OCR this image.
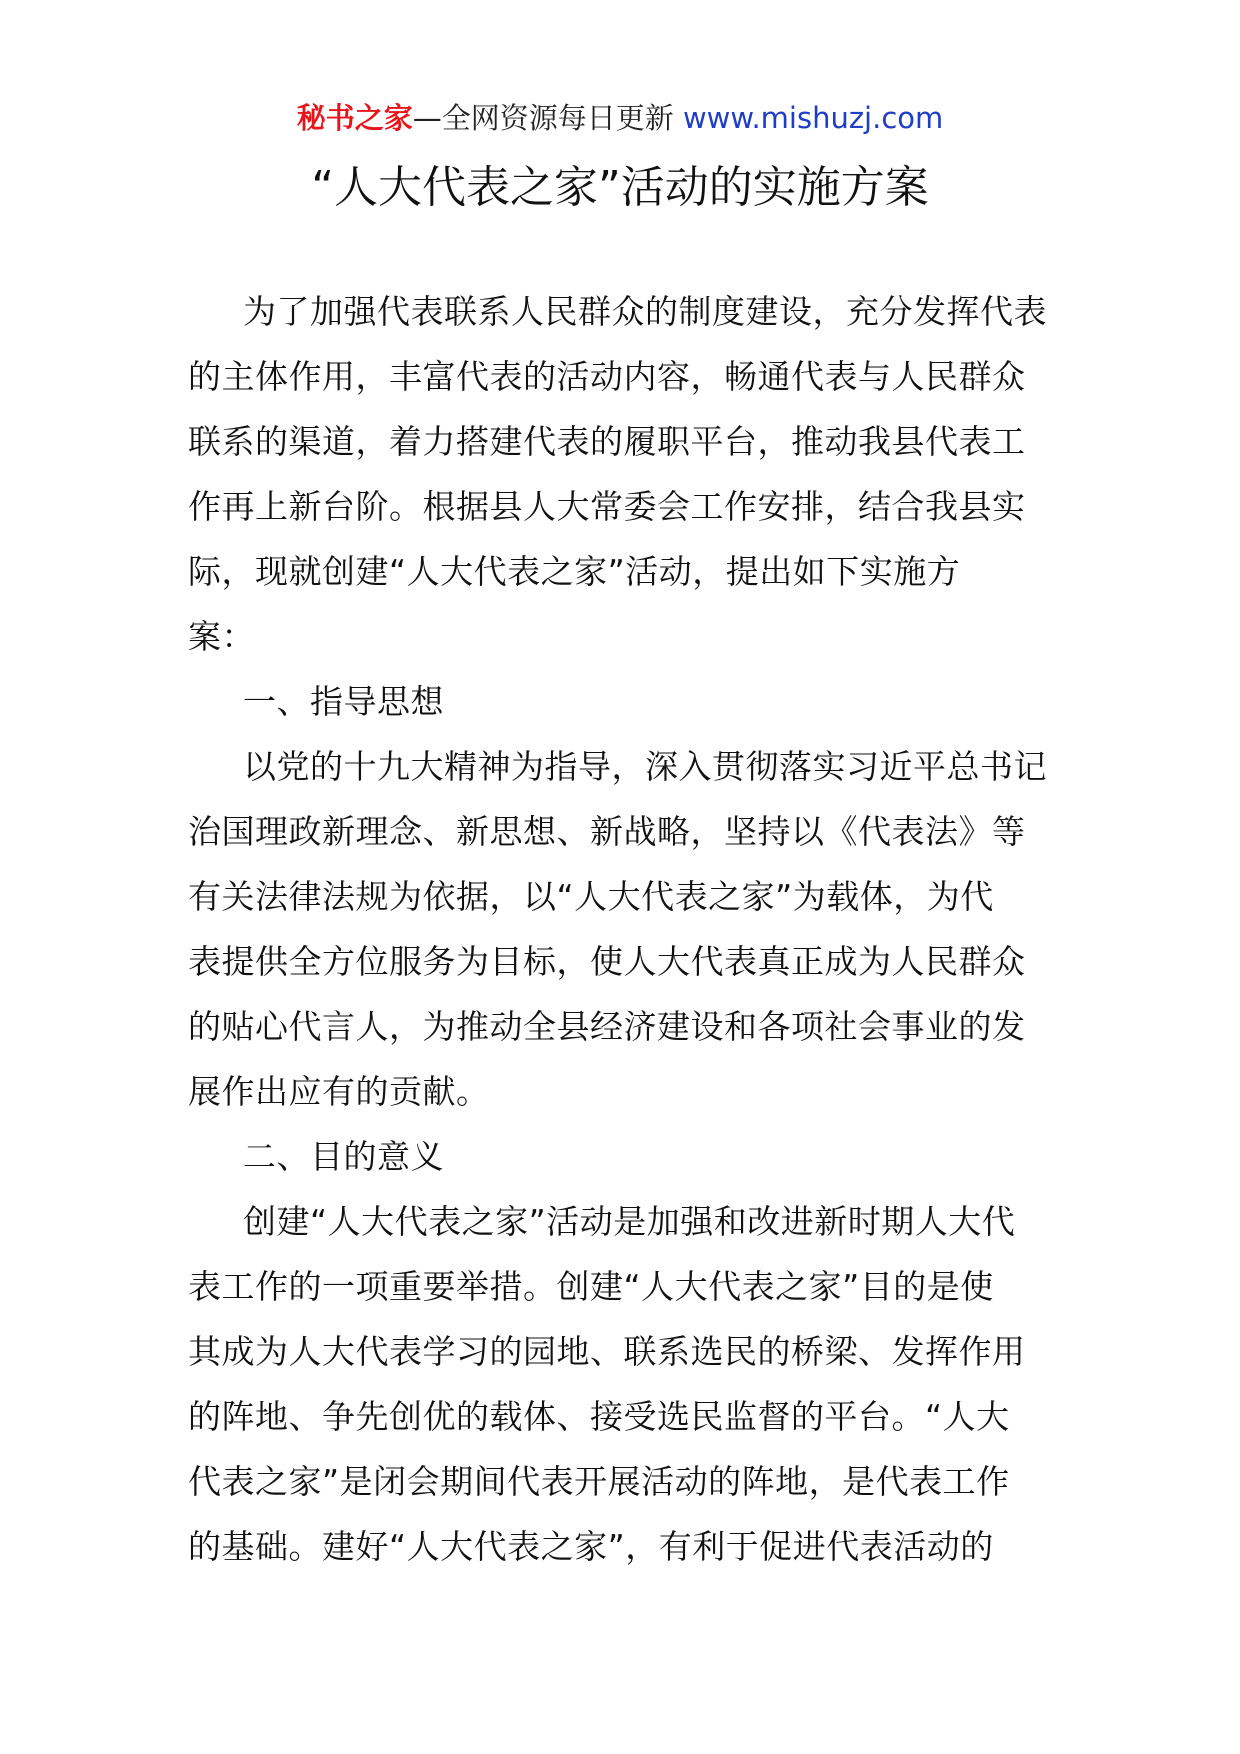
秘书之家—全网资源每日更新 www.mishuzj.com
“人大代表之家”活动的实施方案
为了加强代表联系人民群众的制度建设，充分发挥代表
的主体作用，丰富代表的活动内容，畅通代表与人民群众
联系的渠道，着力搭建代表的履职平台，推动我县代表工
作再上新台阶。根据县人大常委会工作安排，结合我县实
际，现就创建“人大代表之家”活动，提出如下实施方
案：
一、指导思想
以党的十九大精神为指导，深入贯彻落实习近平总书记
治国理政新理念、新思想、新战略，坚持以《代表法》等
有关法律法规为依据，以“人大代表之家”为载体，为代
表提供全方位服务为目标，使人大代表真正成为人民群众
的贴心代言人，为推动全县经济建设和各项社会事业的发
展作出应有的贡献。
二、目的意义
创建“人大代表之家”活动是加强和改进新时期人大代
表工作的一项重要举措。创建“人大代表之家”目的是使
其成为人大代表学习的园地、联系选民的桥梁、发挥作用
的阵地、争先创优的载体、接受选民监督的平台。“人大
代表之家”是闭会期间代表开展活动的阵地，是代表工作
的基础。建好“人大代表之家”，有利于促进代表活动的
